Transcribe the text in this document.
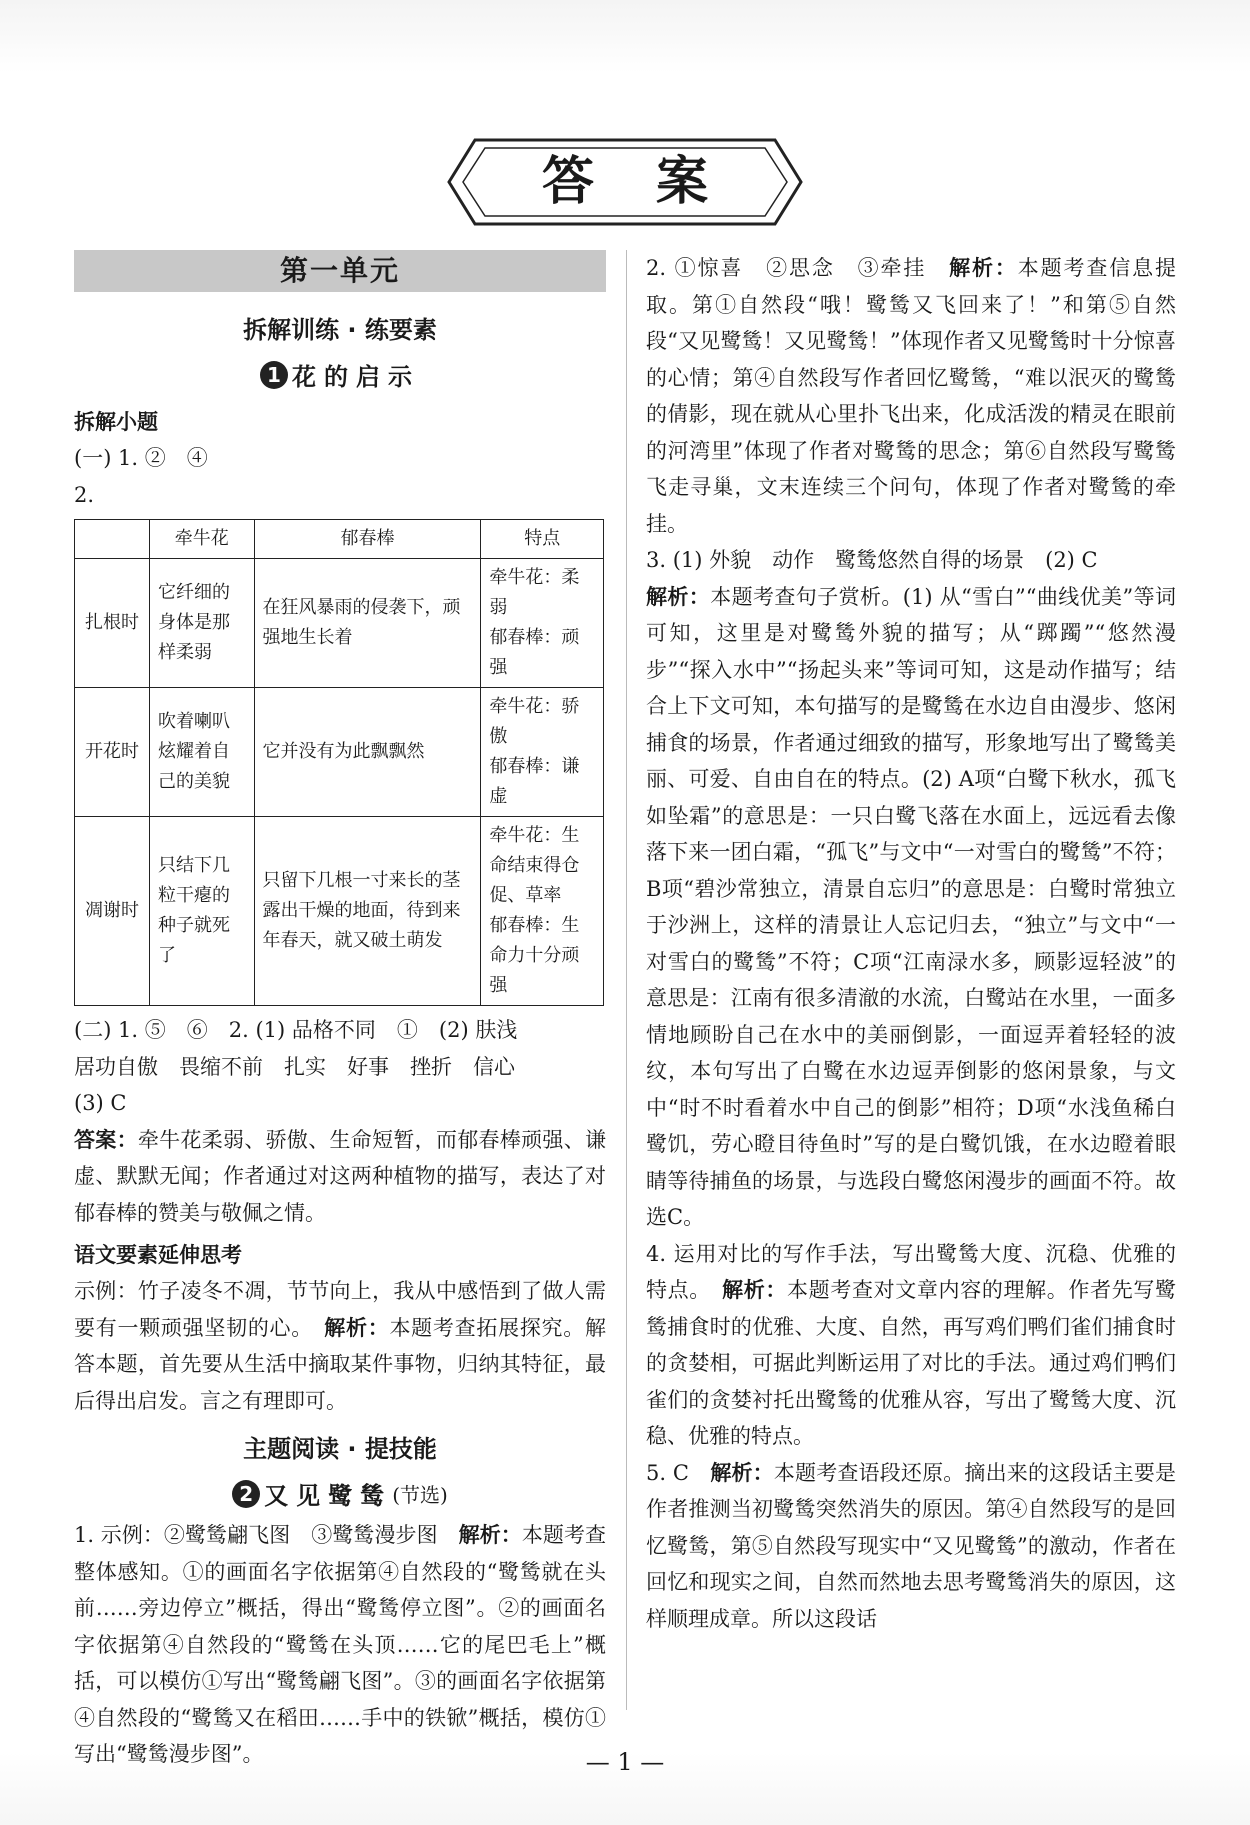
答案
第一单元
拆解训练 · 练要素
1 花的启示
拆解小题

(一) 1. ②　④

2.

	牵牛花	郁春棒	特点
扎根时	它纤细的身体是那样柔弱	在狂风暴雨的侵袭下，顽强地生长着	牵牛花：柔弱
郁春棒：顽强
开花时	吹着喇叭炫耀着自己的美貌	它并没有为此飘飘然	牵牛花：骄傲
郁春棒：谦虚
凋谢时	只结下几粒干瘪的种子就死了	只留下几根一寸来长的茎露出干燥的地面，待到来年春天，就又破土萌发	牵牛花：生命结束得仓促、草率
郁春棒：生命力十分顽强

(二) 1. ⑤　⑥　2. (1) 品格不同　①　(2) 肤浅

居功自傲　畏缩不前　扎实　好事　挫折　信心

(3) C

答案：牵牛花柔弱、骄傲、生命短暂，而郁春棒顽强、谦虚、默默无闻；作者通过对这两种植物的描写，表达了对郁春棒的赞美与敬佩之情。

语文要素延伸思考

示例：竹子凌冬不凋，节节向上，我从中感悟到了做人需要有一颗顽强坚韧的心。　 解析：本题考查拓展探究。解答本题，首先要从生活中摘取某件事物，归纳其特征，最后得出启发。言之有理即可。

主题阅读 · 提技能
2 又见鹭鸶 (节选)

1. 示例：②鹭鸶翩飞图　③鹭鸶漫步图　解析：本题考查整体感知。①的画面名字依据第④自然段的“鹭鸶就在头前……旁边停立”概括，得出“鹭鸶停立图”。②的画面名字依据第④自然段的“鹭鸶在头顶……它的尾巴毛上”概括，可以模仿①写出“鹭鸶翩飞图”。③的画面名字依据第④自然段的“鹭鸶又在稻田……手中的铁锨”概括，模仿①写出“鹭鸶漫步图”。

2. ①惊喜　②思念　③牵挂　解析：本题考查信息提取。第①自然段“哦！鹭鸶又飞回来了！”和第⑤自然段“又见鹭鸶！又见鹭鸶！”体现作者又见鹭鸶时十分惊喜的心情；第④自然段写作者回忆鹭鸶，“难以泯灭的鹭鸶的倩影，现在就从心里扑飞出来，化成活泼的精灵在眼前的河湾里”体现了作者对鹭鸶的思念；第⑥自然段写鹭鸶飞走寻巢，文末连续三个问句，体现了作者对鹭鸶的牵挂。

3. (1) 外貌　动作　鹭鸶悠然自得的场景　(2) C

解析：本题考查句子赏析。(1) 从“雪白”“曲线优美”等词可知，这里是对鹭鸶外貌的描写；从“踯躅”“悠然漫步”“探入水中”“扬起头来”等词可知，这是动作描写；结合上下文可知，本句描写的是鹭鸶在水边自由漫步、悠闲捕食的场景，作者通过细致的描写，形象地写出了鹭鸶美丽、可爱、自由自在的特点。(2) A项“白鹭下秋水，孤飞如坠霜”的意思是：一只白鹭飞落在水面上，远远看去像落下来一团白霜，“孤飞”与文中“一对雪白的鹭鸶”不符；B项“碧沙常独立，清景自忘归”的意思是：白鹭时常独立于沙洲上，这样的清景让人忘记归去，“独立”与文中“一对雪白的鹭鸶”不符；C项“江南渌水多，顾影逗轻波”的意思是：江南有很多清澈的水流，白鹭站在水里，一面多情地顾盼自己在水中的美丽倒影，一面逗弄着轻轻的波纹，本句写出了白鹭在水边逗弄倒影的悠闲景象，与文中“时不时看着水中自己的倒影”相符；D项“水浅鱼稀白鹭饥，劳心瞪目待鱼时”写的是白鹭饥饿，在水边瞪着眼睛等待捕鱼的场景，与选段白鹭悠闲漫步的画面不符。故选C。

4. 运用对比的写作手法，写出鹭鸶大度、沉稳、优雅的特点。　解析：本题考查对文章内容的理解。作者先写鹭鸶捕食时的优雅、大度、自然，再写鸡们鸭们雀们捕食时的贪婪相，可据此判断运用了对比的手法。通过鸡们鸭们雀们的贪婪衬托出鹭鸶的优雅从容，写出了鹭鸶大度、沉稳、优雅的特点。

5. C　解析：本题考查语段还原。摘出来的这段话主要是作者推测当初鹭鸶突然消失的原因。第④自然段写的是回忆鹭鸶，第⑤自然段写现实中“又见鹭鸶”的激动，作者在回忆和现实之间，自然而然地去思考鹭鸶消失的原因，这样顺理成章。所以这段话

— 1 —
